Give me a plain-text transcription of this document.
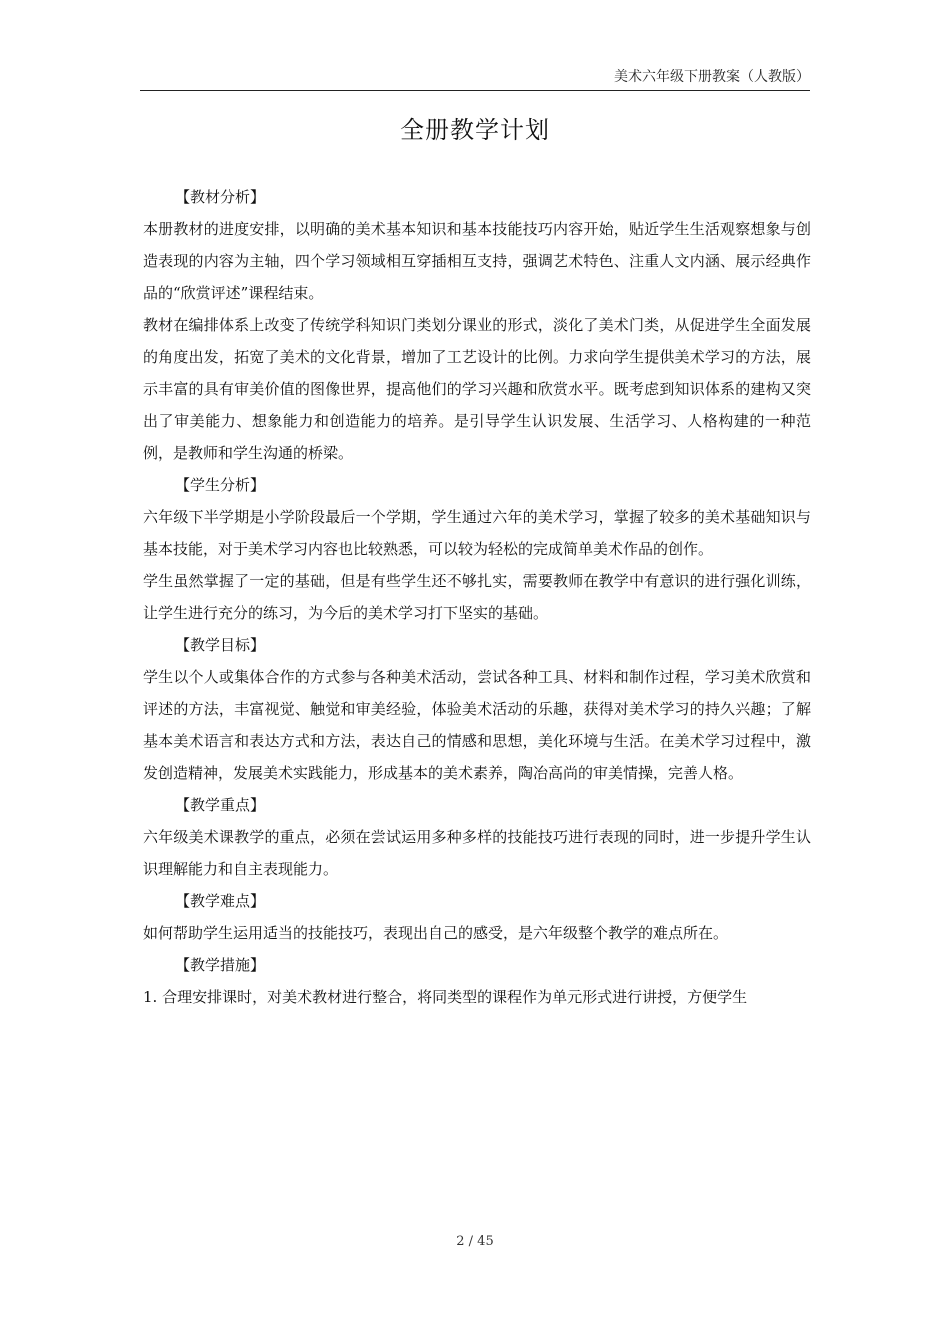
美术六年级下册教案（人教版）
全册教学计划

【教材分析】

本册教材的进度安排，以明确的美术基本知识和基本技能技巧内容开始，贴近学生生活观察想象与创造表现的内容为主轴，四个学习领域相互穿插相互支持，强调艺术特色、注重人文内涵、展示经典作品的“欣赏评述”课程结束。

教材在编排体系上改变了传统学科知识门类划分课业的形式，淡化了美术门类，从促进学生全面发展的角度出发，拓宽了美术的文化背景，增加了工艺设计的比例。力求向学生提供美术学习的方法，展示丰富的具有审美价值的图像世界，提高他们的学习兴趣和欣赏水平。既考虑到知识体系的建构又突出了审美能力、想象能力和创造能力的培养。是引导学生认识发展、生活学习、人格构建的一种范例，是教师和学生沟通的桥梁。

【学生分析】

六年级下半学期是小学阶段最后一个学期，学生通过六年的美术学习，掌握了较多的美术基础知识与基本技能，对于美术学习内容也比较熟悉，可以较为轻松的完成简单美术作品的创作。

学生虽然掌握了一定的基础，但是有些学生还不够扎实，需要教师在教学中有意识的进行强化训练，让学生进行充分的练习，为今后的美术学习打下坚实的基础。

【教学目标】

学生以个人或集体合作的方式参与各种美术活动，尝试各种工具、材料和制作过程，学习美术欣赏和评述的方法，丰富视觉、触觉和审美经验，体验美术活动的乐趣，获得对美术学习的持久兴趣；了解基本美术语言和表达方式和方法，表达自己的情感和思想，美化环境与生活。在美术学习过程中，激发创造精神，发展美术实践能力，形成基本的美术素养，陶冶高尚的审美情操，完善人格。

【教学重点】

六年级美术课教学的重点，必须在尝试运用多种多样的技能技巧进行表现的同时，进一步提升学生认识理解能力和自主表现能力。

【教学难点】

如何帮助学生运用适当的技能技巧，表现出自己的感受，是六年级整个教学的难点所在。

【教学措施】

1. 合理安排课时，对美术教材进行整合，将同类型的课程作为单元形式进行讲授，方便学生

2 / 45
